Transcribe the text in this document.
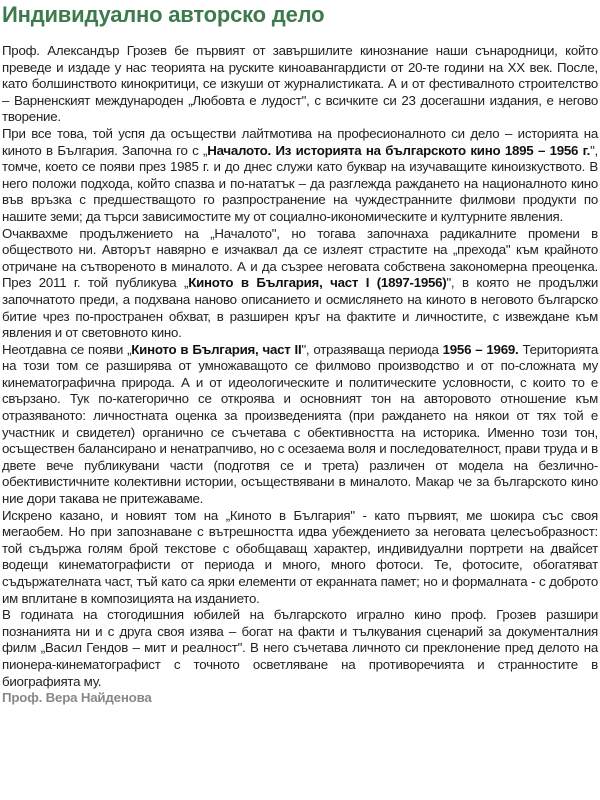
Индивидуално авторско дело

Проф. Александър Грозев бе първият от завършилите кинознание наши сънародници, който преведе и издаде у нас теорията на руските киноавангардисти от 20-те години на XX век. После, като болшинството кинокритици, се изкуши от журналистиката. А и от фестивалното строителство – Варненският международен „Любовта е лудост", с всичките си 23 досегашни издания, е негово творение.

При все това, той успя да осъществи лайтмотива на професионалното си дело – историята на киното в България. Започна го с „Началото. Из историята на българското кино 1895 – 1956 г.", томче, което се появи през 1985 г. и до днес служи като буквар на изучаващите киноизкуството. В него положи подхода, който спазва и по-нататък – да разглежда раждането на националното кино във връзка с предшестващото го разпространение на чуждестранните филмови продукти по нашите земи; да търси зависимостите му от социално-икономическите и културните явления.

Очаквахме продължението на „Началото", но тогава започнаха радикалните промени в обществото ни. Авторът навярно е изчаквал да се излеят страстите на „прехода" към крайното отричане на сътвореното в миналото. А и да съзрее неговата собствена закономерна преоценка. През 2011 г. той публикува „Киното в България, част I (1897-1956)", в която не продължи започнатото преди, а подхвана наново описанието и осмислянето на киното в неговото българско битие чрез по-пространен обхват, в разширен кръг на фактите и личностите, с извеждане към явления и от световното кино.

Неотдавна се появи „Киното в България, част II", отразяваща периода 1956 – 1969. Територията на този том се разширява от умножаващото се филмово производство и от по-сложната му кинематографична природа. А и от идеологическите и политическите условности, с които то е свързано. Тук по-категорично се откроява и основният тон на авторовото отношение към отразяваното: личностната оценка за произведенията (при раждането на някои от тях той е участник и свидетел) органично се съчетава с обективността на историка. Именно този тон, осъществен балансирано и ненатрапчиво, но с осезаема воля и последователност, прави труда и в двете вече публикувани части (подготвя се и трета) различен от модела на безлично-обективистичните колективни истории, осъществявани в миналото. Макар че за българското кино ние дори такава не притежаваме.

Искрено казано, и новият том на „Киното в България" - като първият, ме шокира със своя мегаобем. Но при запознаване с вътрешността идва убеждението за неговата целесъобразност: той съдържа голям брой текстове с обобщаващ характер, индивидуални портрети на двайсет водещи кинематографисти от периода и много, много фотоси. Те, фотосите, обогатяват съдържателната част, тъй като са ярки елементи от екранната памет; но и формалната - с доброто им вплитане в композицията на изданието.

В годината на стогодишния юбилей на българското игрално кино проф. Грозев разшири познанията ни и с друга своя изява – богат на факти и тълкувания сценарий за документалния филм „Васил Гендов – мит и реалност". В него съчетава личното си преклонение пред делото на пионера-кинематографист с точното осветляване на противоречията и странностите в биографията му.

Проф. Вера Найденова
